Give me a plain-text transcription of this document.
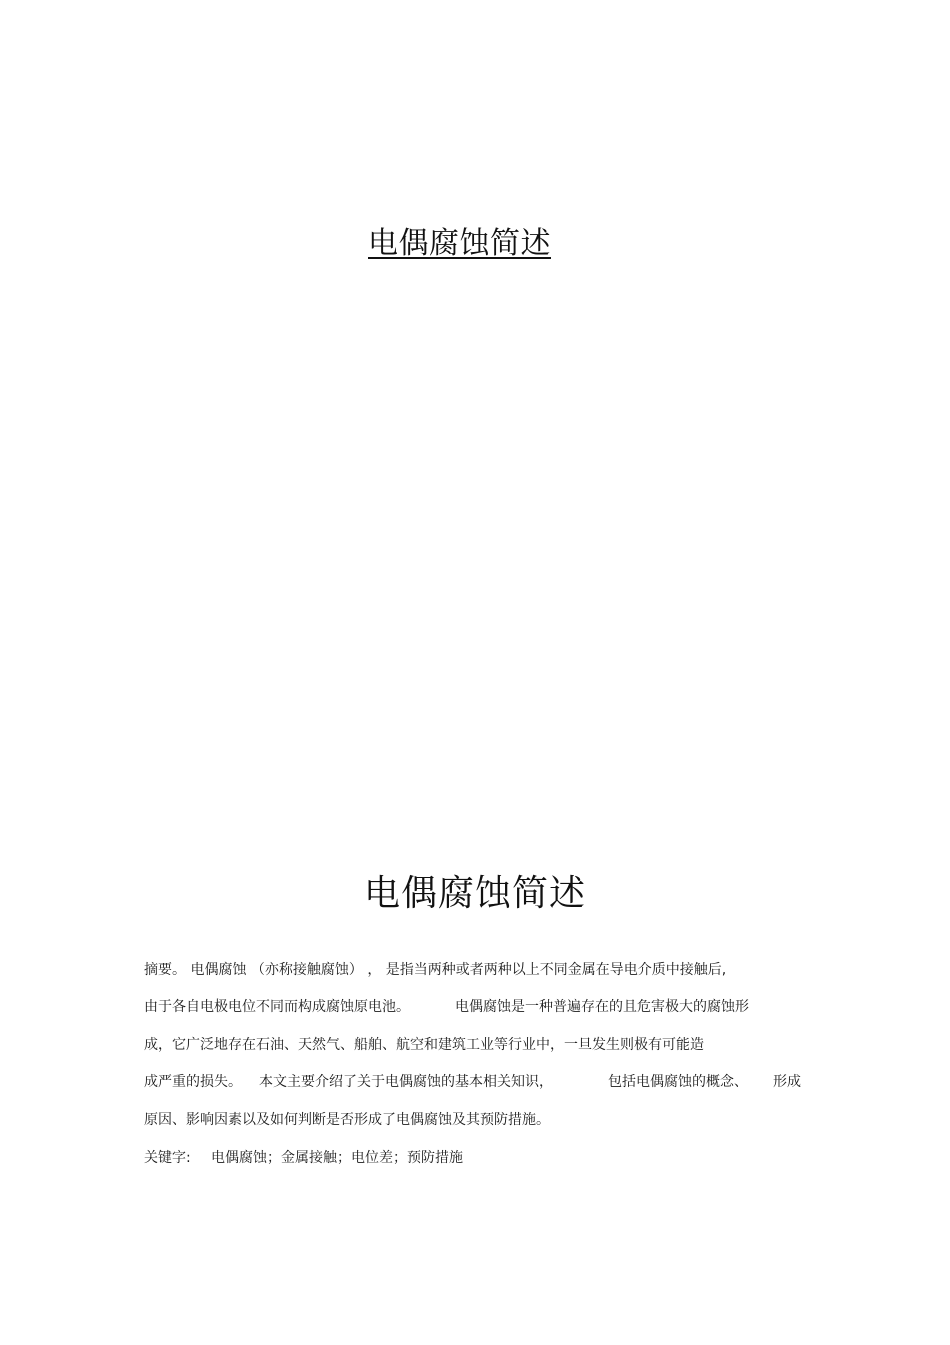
电偶腐蚀简述
电偶腐蚀简述
摘要。 电偶腐蚀 （亦称接触腐蚀） ， 是指当两种或者两种以上不同金属在导电介质中接触后,
由于各自电极电位不同而构成腐蚀原电池。	电偶腐蚀是一种普遍存在的且危害极大的腐蚀形
成，它广泛地存在石油、天然气、船舶、航空和建筑工业等行业中，一旦发生则极有可能造
成严重的损失。 本文主要介绍了关于电偶腐蚀的基本相关知识，	包括电偶腐蚀的概念、 形成
原因、影响因素以及如何判断是否形成了电偶腐蚀及其预防措施。
关键字: 电偶腐蚀；金属接触；电位差；预防措施
